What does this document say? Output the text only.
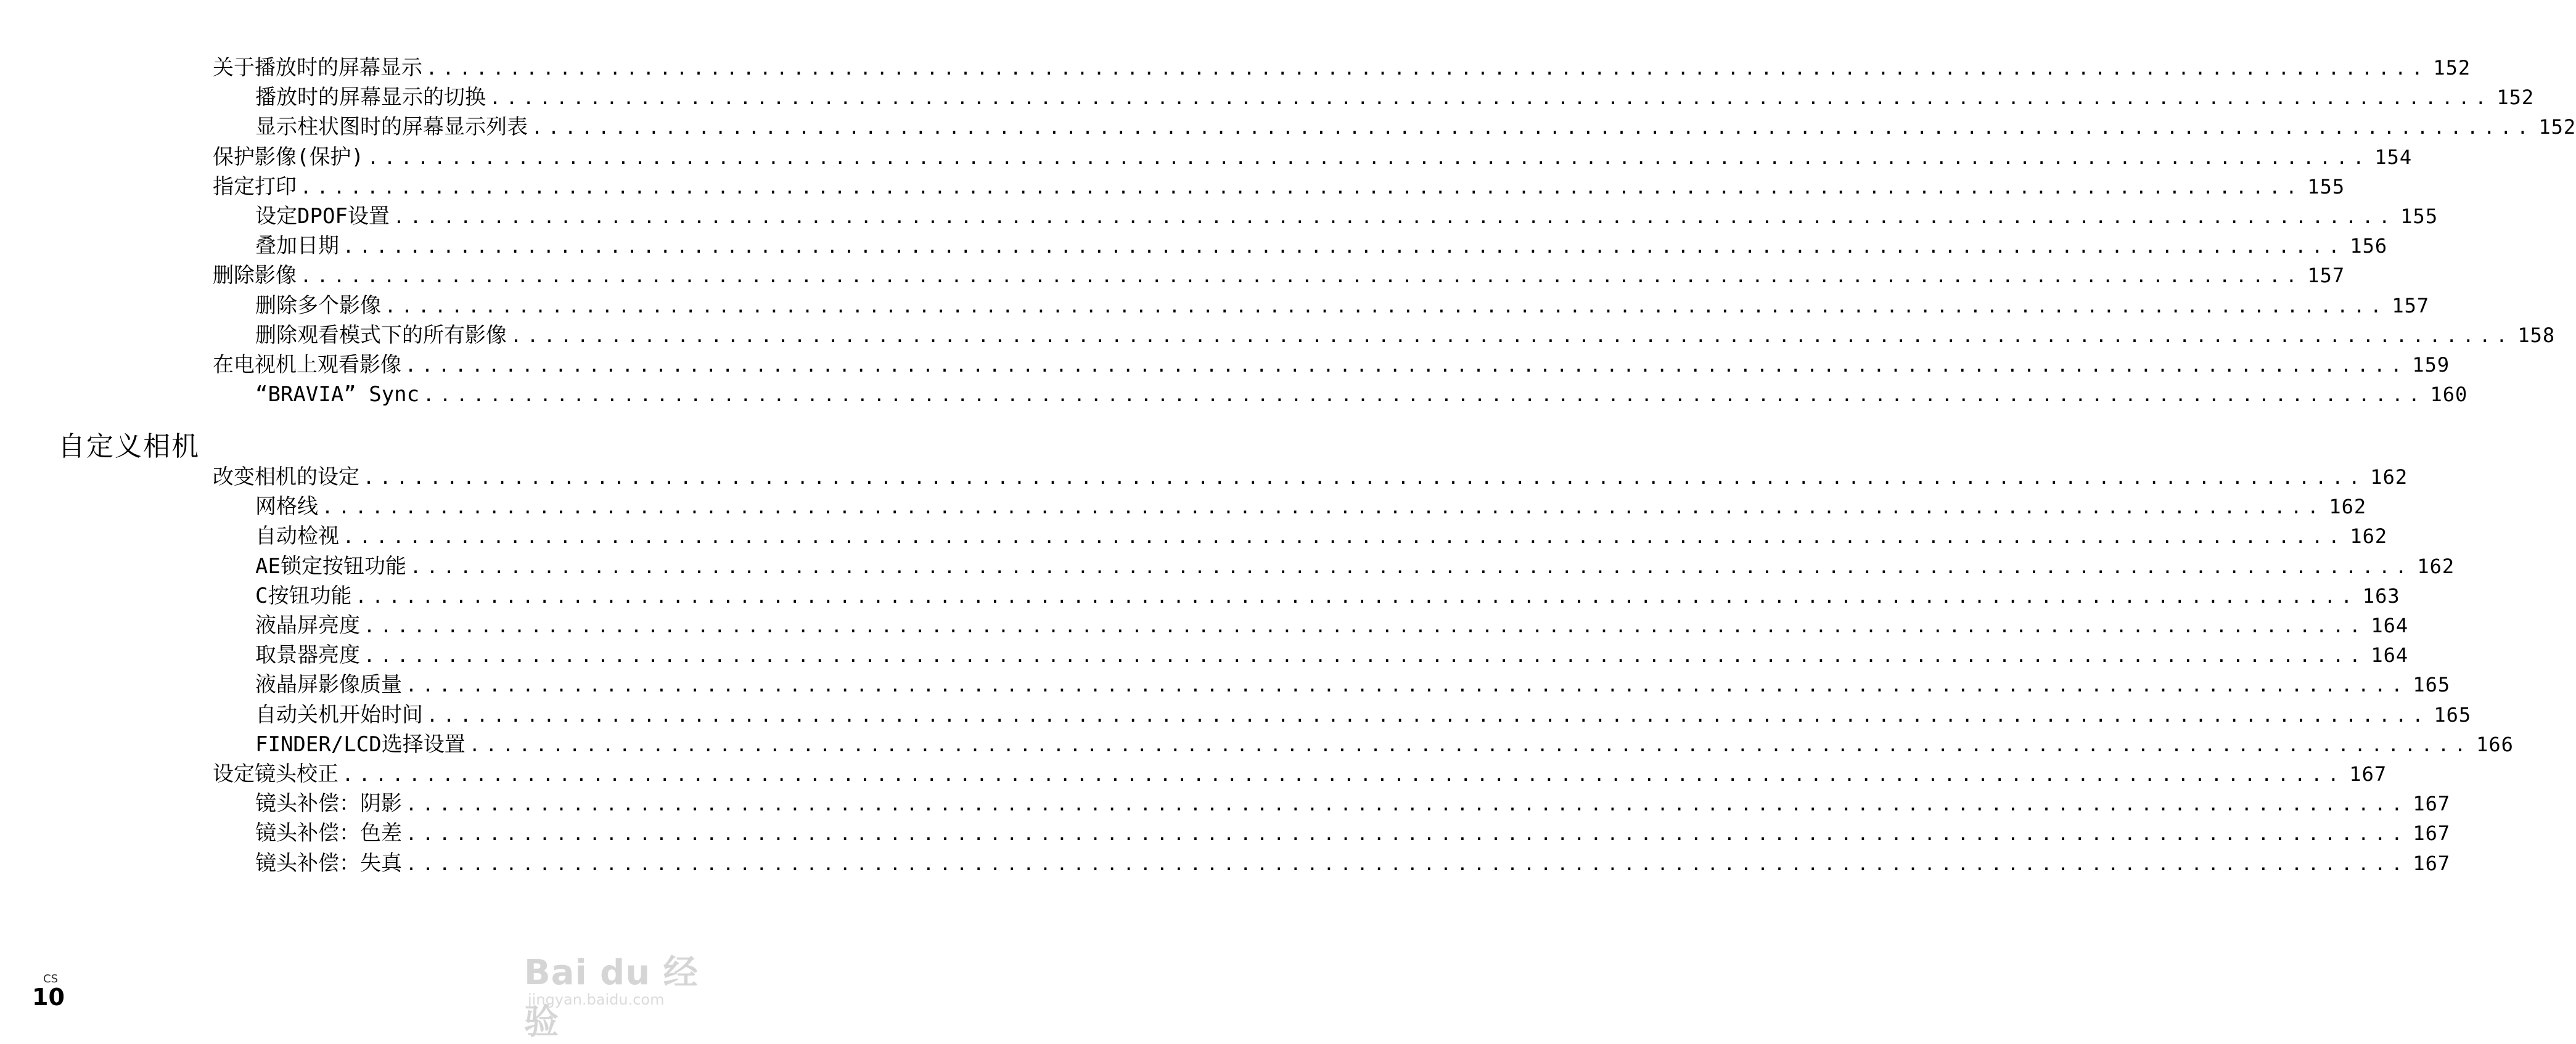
关于播放时的屏幕显示 ........................................................................................................................ 152
播放时的屏幕显示的切换 ........................................................................................................................ 152
显示柱状图时的屏幕显示列表 ........................................................................................................................ 152
保护影像(保护) ........................................................................................................................ 154
指定打印 ........................................................................................................................ 155
设定DPOF设置 ........................................................................................................................ 155
叠加日期 ........................................................................................................................ 156
删除影像 ........................................................................................................................ 157
删除多个影像 ........................................................................................................................ 157
删除观看模式下的所有影像 ........................................................................................................................ 158
在电视机上观看影像 ........................................................................................................................ 159
“BRAVIA” Sync ........................................................................................................................ 160
改变相机的设定 ........................................................................................................................ 162
网格线 ........................................................................................................................ 162
自动检视 ........................................................................................................................ 162
AE锁定按钮功能 ........................................................................................................................ 162
C按钮功能 ........................................................................................................................ 163
液晶屏亮度 ........................................................................................................................ 164
取景器亮度 ........................................................................................................................ 164
液晶屏影像质量 ........................................................................................................................ 165
自动关机开始时间 ........................................................................................................................ 165
FINDER/LCD选择设置 ........................................................................................................................ 166
设定镜头校正 ........................................................................................................................ 167
镜头补偿：阴影 ........................................................................................................................ 167
镜头补偿：色差 ........................................................................................................................ 167
镜头补偿：失真 ........................................................................................................................ 167
自定义相机
CS
10
Bai du 经验
jingyan.baidu.com
